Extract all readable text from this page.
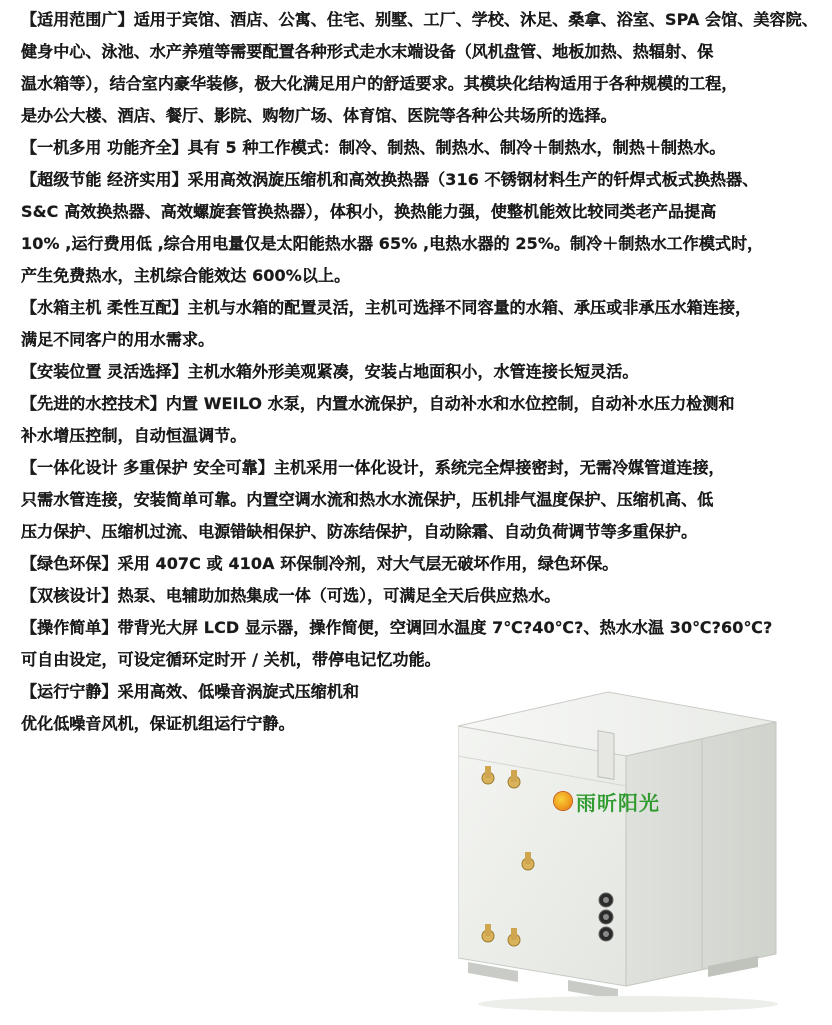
【适用范围广】适用于宾馆、酒店、公寓、住宅、别墅、工厂、学校、沐足、桑拿、浴室、SPA 会馆、美容院、
健身中心、泳池、水产养殖等需要配置各种形式走水末端设备（风机盘管、地板加热、热辐射、保
温水箱等），结合室内豪华装修，极大化满足用户的舒适要求。其模块化结构适用于各种规模的工程，
是办公大楼、酒店、餐厅、影院、购物广场、体育馆、医院等各种公共场所的选择。
【一机多用 功能齐全】具有 5 种工作模式：制冷、制热、制热水、制冷＋制热水，制热＋制热水。
【超级节能 经济实用】采用高效涡旋压缩机和高效换热器（316 不锈钢材料生产的钎焊式板式换热器、
S&C 高效换热器、高效螺旋套管换热器），体积小，换热能力强，使整机能效比较同类老产品提高
10% ,运行费用低 ,综合用电量仅是太阳能热水器 65% ,电热水器的 25%。制冷＋制热水工作模式时，
产生免费热水，主机综合能效达 600%以上。
【水箱主机 柔性互配】主机与水箱的配置灵活，主机可选择不同容量的水箱、承压或非承压水箱连接，
满足不同客户的用水需求。
【安装位置 灵活选择】主机水箱外形美观紧凑，安装占地面积小，水管连接长短灵活。
【先进的水控技术】内置 WEILO 水泵，内置水流保护，自动补水和水位控制，自动补水压力检测和
补水增压控制，自动恒温调节。
【一体化设计 多重保护 安全可靠】主机采用一体化设计，系统完全焊接密封，无需冷媒管道连接，
只需水管连接，安装简单可靠。内置空调水流和热水水流保护，压机排气温度保护、压缩机高、低
压力保护、压缩机过流、电源错缺相保护、防冻结保护，自动除霜、自动负荷调节等多重保护。
【绿色环保】采用 407C 或 410A 环保制冷剂，对大气层无破坏作用，绿色环保。
【双核设计】热泵、电辅助加热集成一体（可选），可满足全天后供应热水。
【操作简单】带背光大屏 LCD 显示器，操作简便，空调回水温度 7℃?40℃?、热水水温 30℃?60℃?
可自由设定，可设定循环定时开 / 关机，带停电记忆功能。
【运行宁静】采用高效、低噪音涡旋式压缩机和
优化低噪音风机，保证机组运行宁静。
雨昕阳光
